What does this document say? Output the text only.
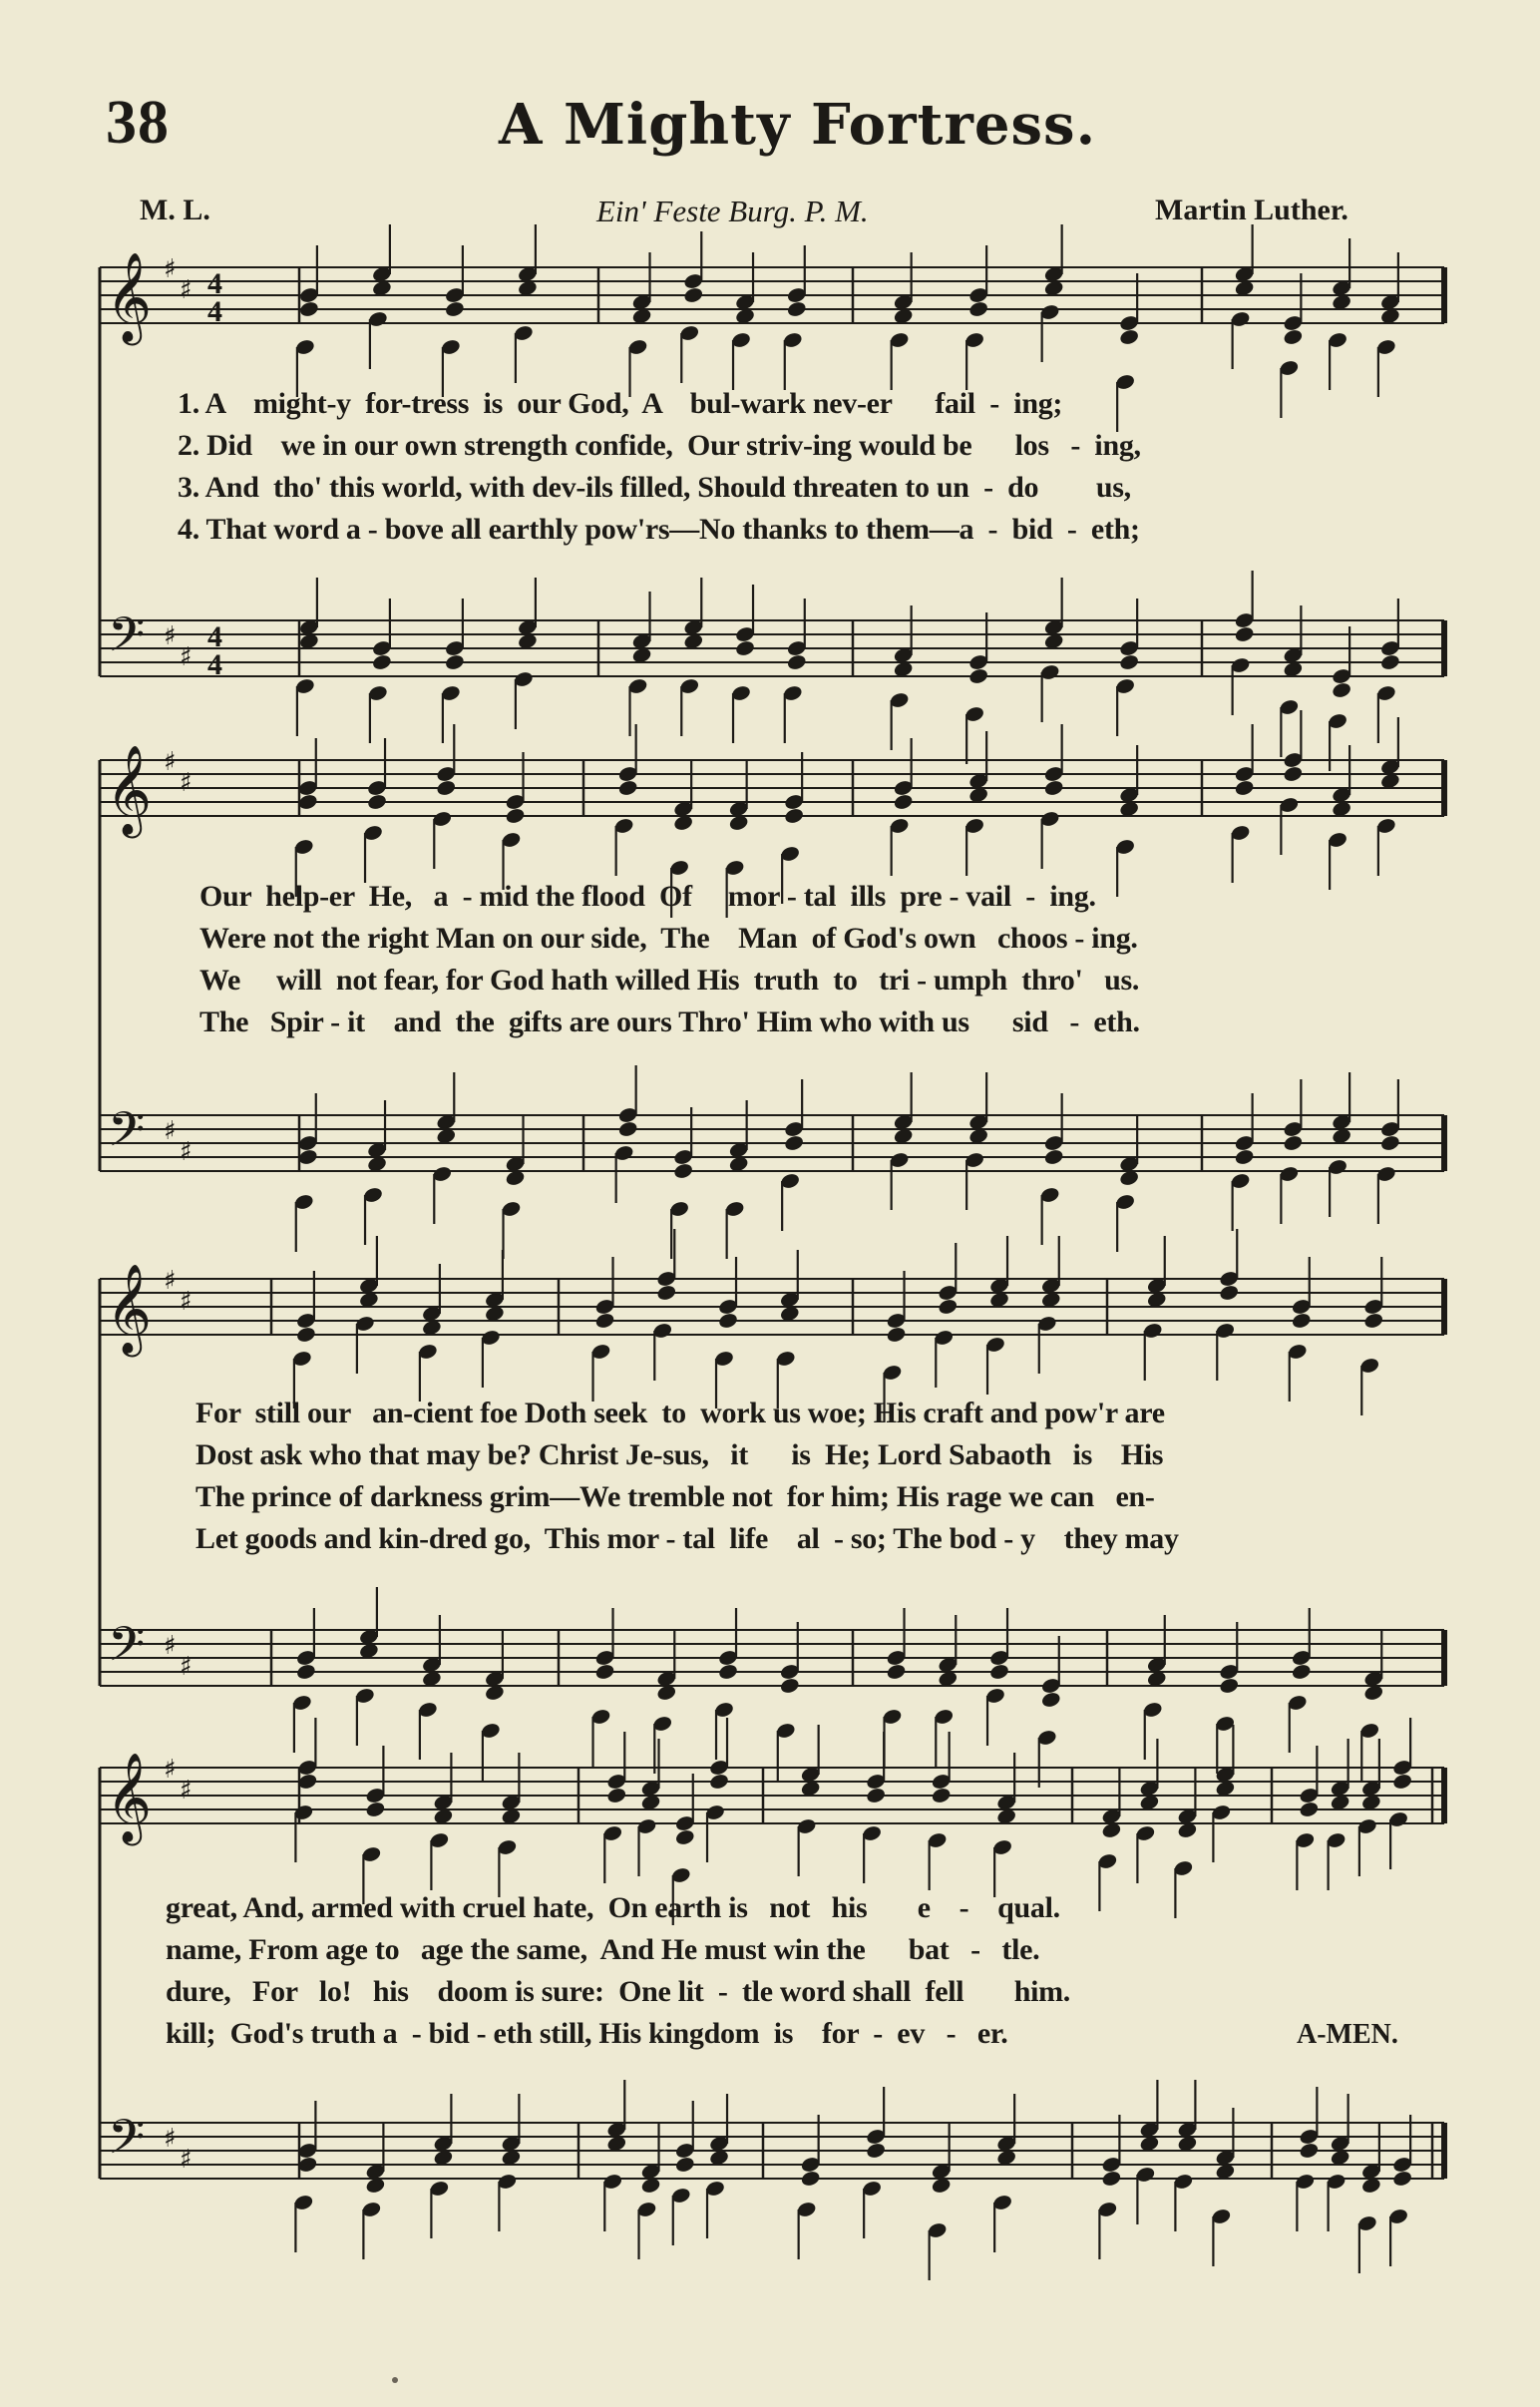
38	A Mighty Fortress.
M. L.	Ein' Feste Burg. P. M.	Martin Luther.
𝄞 ♯
♯ 4
4
𝄢 ♯
♯
4
4
𝄞 ♯
♯
𝄢 ♯
♯
𝄞 ♯
♯
𝄢 ♯
♯
𝄞 ♯
♯
𝄢 ♯
♯
1. A    might-y  for-tress  is  our God,  A    bul-wark nev-er      fail  -  ing;
2. Did    we in our own strength confide,  Our striv-ing would be      los   -  ing,
3. And  tho' this world, with dev-ils filled, Should threaten to un  -  do        us,
4. That word a - bove all earthly pow'rs—No thanks to them—a  -  bid  -  eth;
Our  help-er  He,   a  - mid the flood  Of     mor - tal  ills  pre - vail  -  ing.
Were not the right Man on our side,  The    Man  of God's own   choos - ing.
We     will  not fear, for God hath willed His  truth  to   tri - umph  thro'   us.
The   Spir - it    and  the  gifts are ours Thro' Him who with us      sid   -  eth.
For  still our   an-cient foe Doth seek  to  work us woe; His craft and pow'r are
Dost ask who that may be? Christ Je-sus,   it      is  He; Lord Sabaoth   is    His
The prince of darkness grim—We tremble not  for him; His rage we can   en-
Let goods and kin-dred go,  This mor - tal  life    al  - so; The bod - y    they may
great, And, armed with cruel hate,  On earth is   not   his       e    -    qual.
name, From age to   age the same,  And He must win the      bat   -   tle.
dure,   For   lo!   his    doom is sure:  One lit  -  tle word shall  fell       him.
kill;  God's truth a  - bid - eth still, His kingdom  is    for  -  ev   -   er.	A-MEN.
